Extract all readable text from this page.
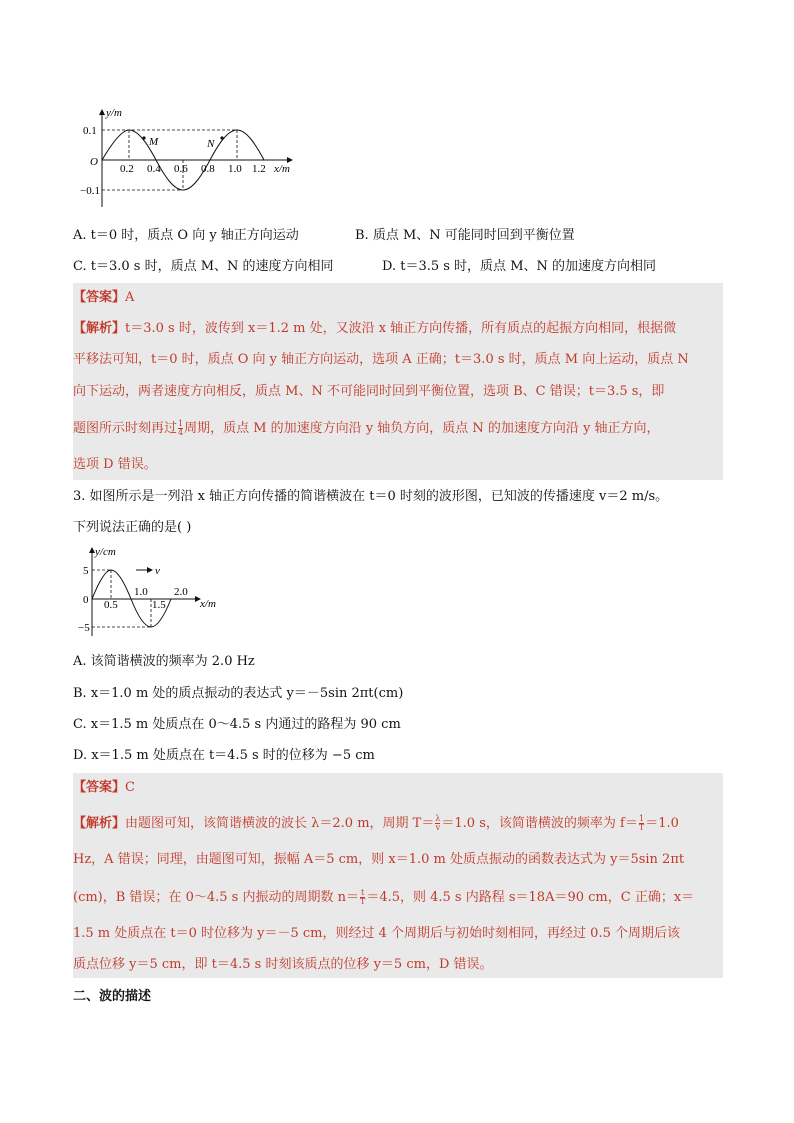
y/m
x/m
O
0.1
−0.1
0.2 0.4 0.6 0.8 1.0 1.2
M	N
A. t＝0 时，质点 O 向 y 轴正方向运动	B. 质点 M、N 可能同时回到平衡位置
C. t＝3.0 s 时，质点 M、N 的速度方向相同	D. t＝3.5 s 时，质点 M、N 的加速度方向相同
【答案】A
【解析】t＝3.0 s 时，波传到 x＝1.2 m 处，又波沿 x 轴正方向传播，所有质点的起振方向相同，根据微
平移法可知，t＝0 时，质点 O 向 y 轴正方向运动，选项 A 正确；t＝3.0 s 时，质点 M 向上运动，质点 N
向下运动，两者速度方向相反，质点 M、N 不可能同时回到平衡位置，选项 B、C 错误；t＝3.5 s，即
题图所示时刻再过 $\frac{1}{4}$ 周期，质点 M 的加速度方向沿 y 轴负方向，质点 N 的加速度方向沿 y 轴正方向，
选项 D 错误。
3. 如图所示是一列沿 x 轴正方向传播的简谐横波在 t＝0 时刻的波形图，已知波的传播速度 v＝2 m/s。
下列说法正确的是( )
v
y/cm
x/m
0
5
−5
0.5
1.0
1.5
2.0
A. 该简谐横波的频率为 2.0 Hz
B. x＝1.0 m 处的质点振动的表达式 y＝－5sin 2πt(cm)
C. x＝1.5 m 处质点在 0～4.5 s 内通过的路程为 90 cm
D. x＝1.5 m 处质点在 t＝4.5 s 时的位移为 −5 cm
【答案】C
【解析】由题图可知，该简谐横波的波长 λ＝2.0 m，周期 $T= \frac{\lambda}{v} =1.0$ s，该简谐横波的频率为 $f= \frac{1}{T} =1.0$
Hz，A 错误；同理，由题图可知，振幅 A＝5 cm，则 x＝1.0 m 处质点振动的函数表达式为 y＝5sin 2πt
(cm)，B 错误；在 0～4.5 s 内振动的周期数 $n= \frac{t}{T} =4.5$，则 4.5 s 内路程 s＝18A＝90 cm，C 正确；x＝
1.5 m 处质点在 t＝0 时位移为 y＝－5 cm，则经过 4 个周期后与初始时刻相同，再经过 0.5 个周期后该
质点位移 y＝5 cm，即 t＝4.5 s 时刻该质点的位移 y＝5 cm，D 错误。
二、波的描述
